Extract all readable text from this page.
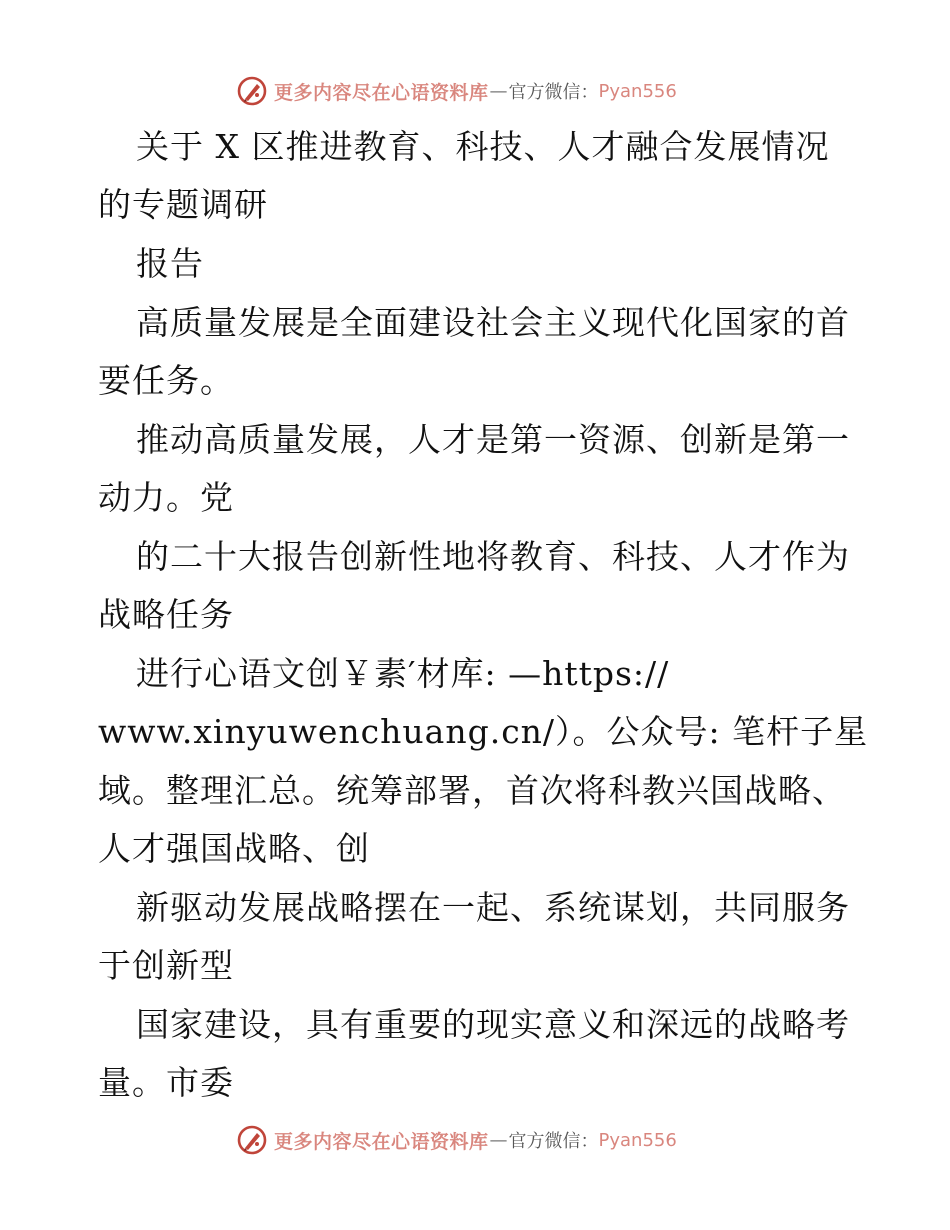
更多内容尽在心语资料库 — 官方微信： Pyan556

关于 X 区推进教育、科技、人才融合发展情况

的专题调研

报告

高质量发展是全面建设社会主义现代化国家的首

要任务。

推动高质量发展，人才是第一资源、创新是第一

动力。党

的二十大报告创新性地将教育、科技、人才作为

战略任务

进行心语文创￥素′材库: —https://

www.xinyuwenchuang.cn/）。公众号: 笔杆子星

域。整理汇总。统筹部署，首次将科教兴国战略、

人才强国战略、创

新驱动发展战略摆在一起、系统谋划，共同服务

于创新型

国家建设，具有重要的现实意义和深远的战略考

量。市委

更多内容尽在心语资料库 — 官方微信： Pyan556
